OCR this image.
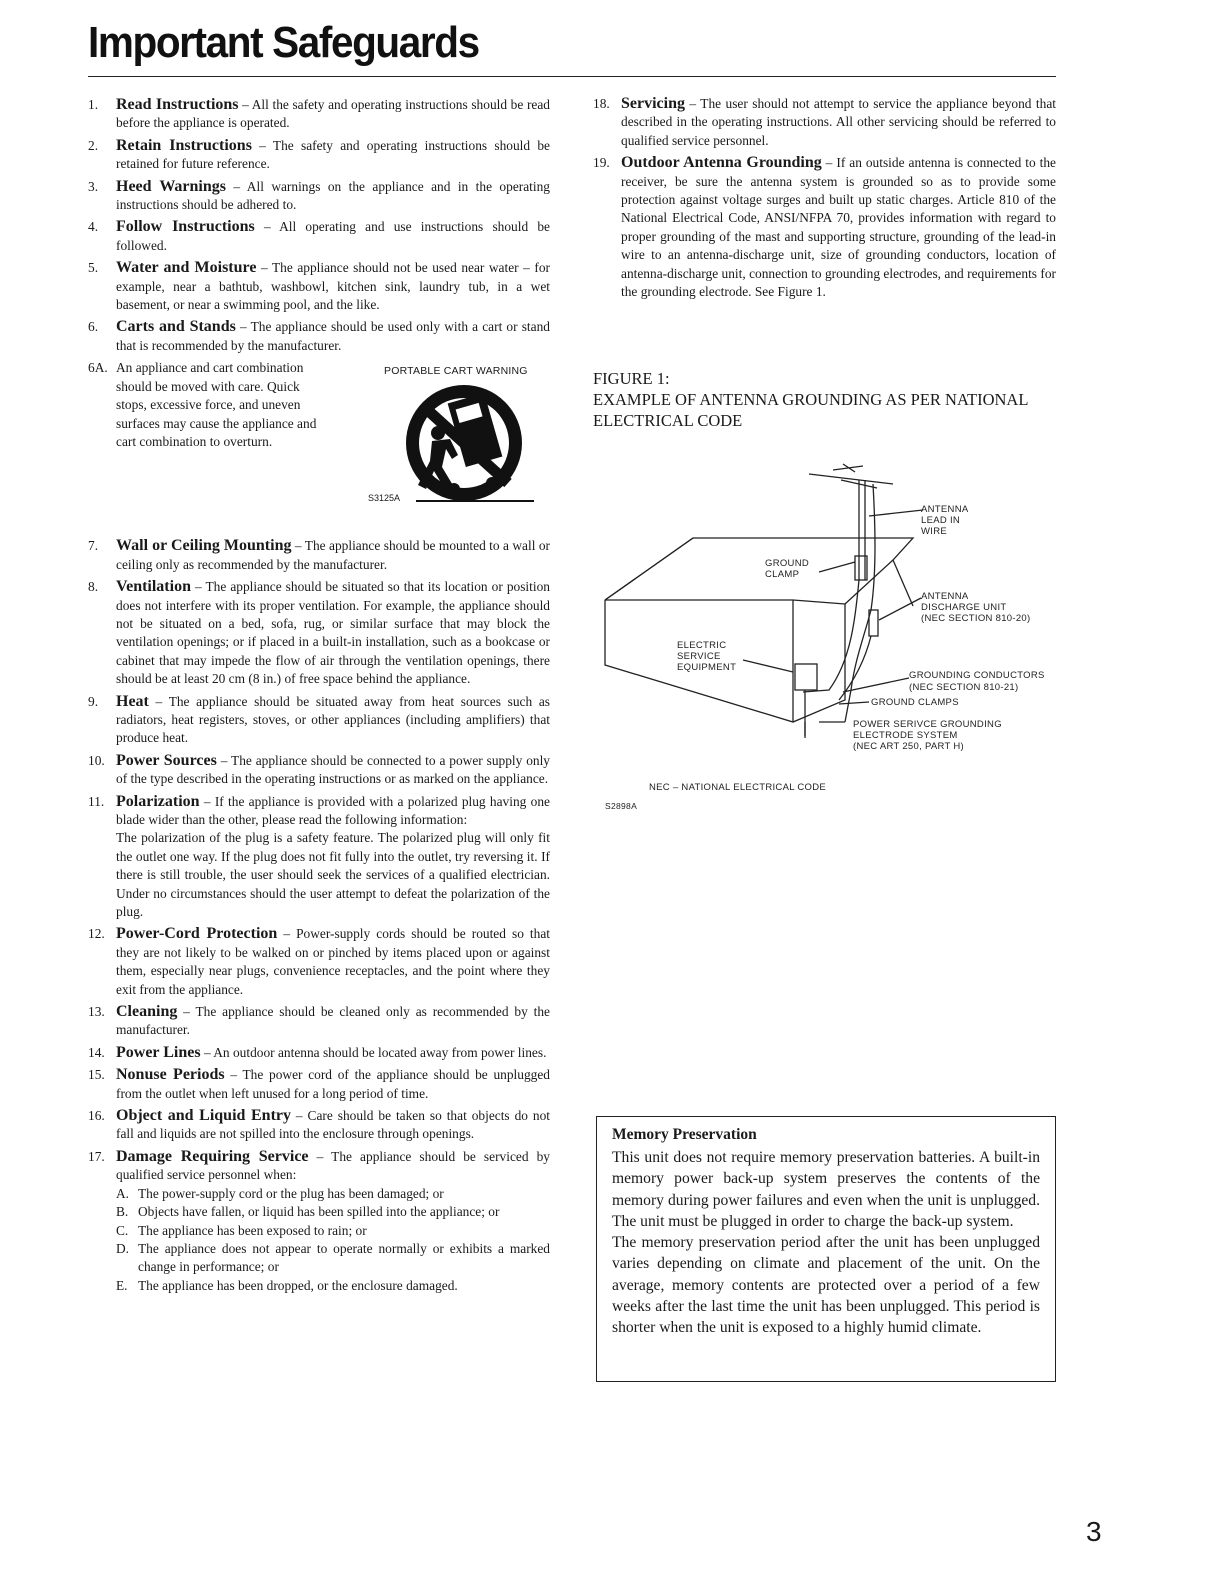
Important Safeguards
1. Read Instructions – All the safety and operating instructions should be read before the appliance is operated.
2. Retain Instructions – The safety and operating instructions should be retained for future reference.
3. Heed Warnings – All warnings on the appliance and in the operating instructions should be adhered to.
4. Follow Instructions – All operating and use instructions should be followed.
5. Water and Moisture – The appliance should not be used near water – for example, near a bathtub, washbowl, kitchen sink, laundry tub, in a wet basement, or near a swimming pool, and the like.
6. Carts and Stands – The appliance should be used only with a cart or stand that is recommended by the manufacturer.
6A. An appliance and cart combination should be moved with care. Quick stops, excessive force, and uneven surfaces may cause the appliance and cart combination to overturn.
PORTABLE CART WARNING
S3125A
7. Wall or Ceiling Mounting – The appliance should be mounted to a wall or ceiling only as recommended by the manufacturer.
8. Ventilation – The appliance should be situated so that its location or position does not interfere with its proper ventilation. For example, the appliance should not be situated on a bed, sofa, rug, or similar surface that may block the ventilation openings; or if placed in a built-in installation, such as a bookcase or cabinet that may impede the flow of air through the ventilation openings, there should be at least 20 cm (8 in.) of free space behind the appliance.
9. Heat – The appliance should be situated away from heat sources such as radiators, heat registers, stoves, or other appliances (including amplifiers) that produce heat.
10. Power Sources – The appliance should be connected to a power supply only of the type described in the operating instructions or as marked on the appliance.
11. Polarization – If the appliance is provided with a polarized plug having one blade wider than the other, please read the following information:
The polarization of the plug is a safety feature. The polarized plug will only fit the outlet one way. If the plug does not fit fully into the outlet, try reversing it. If there is still trouble, the user should seek the services of a qualified electrician. Under no circumstances should the user attempt to defeat the polarization of the plug.
12. Power-Cord Protection – Power-supply cords should be routed so that they are not likely to be walked on or pinched by items placed upon or against them, especially near plugs, convenience receptacles, and the point where they exit from the appliance.
13. Cleaning – The appliance should be cleaned only as recommended by the manufacturer.
14. Power Lines – An outdoor antenna should be located away from power lines.
15. Nonuse Periods – The power cord of the appliance should be unplugged from the outlet when left unused for a long period of time.
16. Object and Liquid Entry – Care should be taken so that objects do not fall and liquids are not spilled into the enclosure through openings.
17. Damage Requiring Service – The appliance should be serviced by qualified service personnel when:
A. The power-supply cord or the plug has been damaged; or
B. Objects have fallen, or liquid has been spilled into the appliance; or
C. The appliance has been exposed to rain; or
D. The appliance does not appear to operate normally or exhibits a marked change in performance; or
E. The appliance has been dropped, or the enclosure damaged.
18. Servicing – The user should not attempt to service the appliance beyond that described in the operating instructions. All other servicing should be referred to qualified service personnel.
19. Outdoor Antenna Grounding – If an outside antenna is connected to the receiver, be sure the antenna system is grounded so as to provide some protection against voltage surges and built up static charges. Article 810 of the National Electrical Code, ANSI/NFPA 70, provides information with regard to proper grounding of the mast and supporting structure, grounding of the lead-in wire to an antenna-discharge unit, size of grounding conductors, location of antenna-discharge unit, connection to grounding electrodes, and requirements for the grounding electrode. See Figure 1.
FIGURE 1:
EXAMPLE OF ANTENNA GROUNDING AS PER NATIONAL ELECTRICAL CODE
ANTENNA
LEAD IN
WIRE
GROUND
CLAMP
ANTENNA
DISCHARGE UNIT
(NEC SECTION 810-20)
ELECTRIC
SERVICE
EQUIPMENT
GROUNDING CONDUCTORS
(NEC SECTION 810-21)
GROUND CLAMPS
POWER SERIVCE GROUNDING
ELECTRODE SYSTEM
(NEC ART 250, PART H)
NEC – NATIONAL ELECTRICAL CODE
S2898A
Memory Preservation

This unit does not require memory preservation batteries. A built-in memory power back-up system preserves the contents of the memory during power failures and even when the unit is unplugged. The unit must be plugged in order to charge the back-up system.

The memory preservation period after the unit has been unplugged varies depending on climate and placement of the unit. On the average, memory contents are protected over a period of a few weeks after the last time the unit has been unplugged. This period is shorter when the unit is exposed to a highly humid climate.

3
